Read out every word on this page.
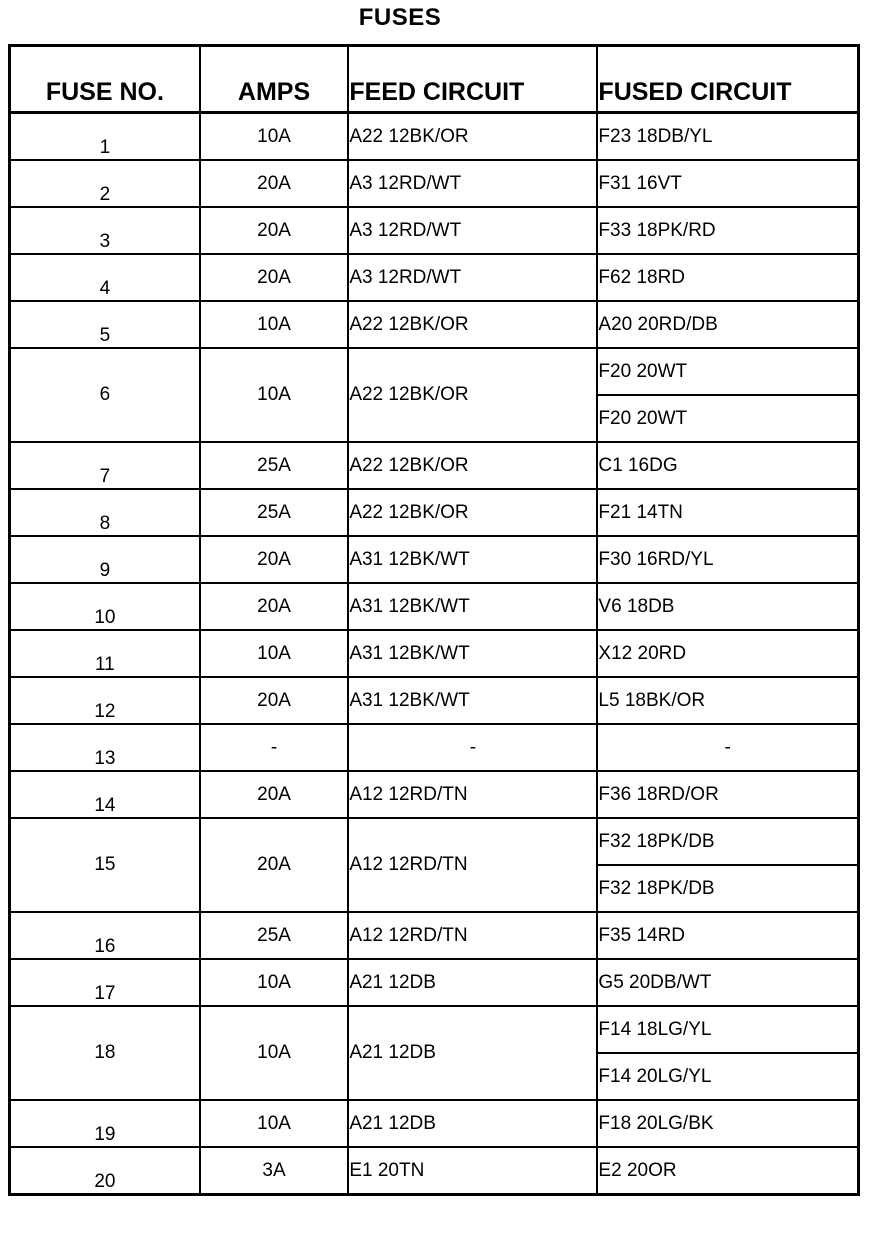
FUSES
FUSE NO.	AMPS	FEED CIRCUIT	FUSED CIRCUIT
1	10A	A22 12BK/OR	F23 18DB/YL
2	20A	A3 12RD/WT	F31 16VT
3	20A	A3 12RD/WT	F33 18PK/RD
4	20A	A3 12RD/WT	F62 18RD
5	10A	A22 12BK/OR	A20 20RD/DB
6	10A	A22 12BK/OR	F20 20WT
			F20 20WT
7	25A	A22 12BK/OR	C1 16DG
8	25A	A22 12BK/OR	F21 14TN
9	20A	A31 12BK/WT	F30 16RD/YL
10	20A	A31 12BK/WT	V6 18DB
11	10A	A31 12BK/WT	X12 20RD
12	20A	A31 12BK/WT	L5 18BK/OR
13	-	-	-
14	20A	A12 12RD/TN	F36 18RD/OR
15	20A	A12 12RD/TN	F32 18PK/DB
			F32 18PK/DB
16	25A	A12 12RD/TN	F35 14RD
17	10A	A21 12DB	G5 20DB/WT
18	10A	A21 12DB	F14 18LG/YL
			F14 20LG/YL
19	10A	A21 12DB	F18 20LG/BK
20	3A	E1 20TN	E2 20OR
